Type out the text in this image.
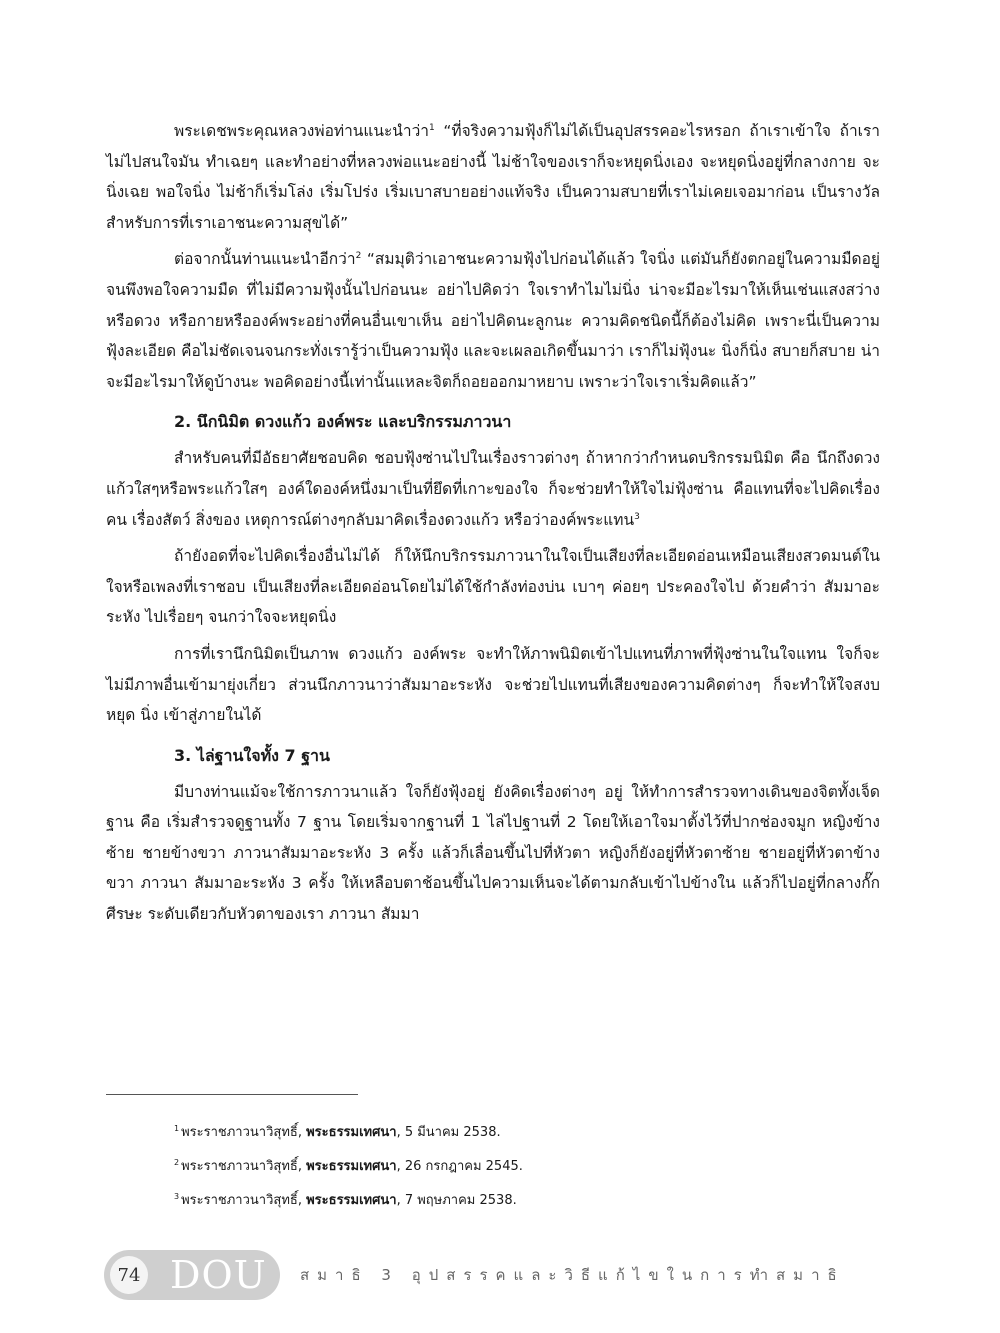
พระเดชพระคุณหลวงพ่อท่านแนะนำว่า$^1$ “ที่จริงความฟุ้งก็ไม่ได้เป็นอุปสรรคอะไรหรอก ถ้าเราเข้าใจ ถ้าเราไม่ไปสนใจมัน ทำเฉยๆ และทำอย่างที่หลวงพ่อแนะอย่างนี้ ไม่ช้าใจของเราก็จะหยุดนิ่งเอง จะหยุดนิ่งอยู่ที่กลางกาย จะนิ่งเฉย พอใจนิ่ง ไม่ช้าก็เริ่มโล่ง เริ่มโปร่ง เริ่มเบาสบายอย่างแท้จริง เป็นความสบายที่เราไม่เคยเจอมาก่อน เป็นรางวัลสำหรับการที่เราเอาชนะความสุขได้”

ต่อจากนั้นท่านแนะนำอีกว่า$^2$ “สมมุติว่าเอาชนะความฟุ้งไปก่อนได้แล้ว ใจนิ่ง แต่มันก็ยังตกอยู่ในความมืดอยู่ จนพึงพอใจความมืด ที่ไม่มีความฟุ้งนั้นไปก่อนนะ อย่าไปคิดว่า ใจเราทำไมไม่นิ่ง น่าจะมีอะไรมาให้เห็นเช่นแสงสว่างหรือดวง หรือกายหรือองค์พระอย่างที่คนอื่นเขาเห็น อย่าไปคิดนะลูกนะ ความคิดชนิดนี้ก็ต้องไม่คิด เพราะนี่เป็นความฟุ้งละเอียด คือไม่ชัดเจนจนกระทั่งเรารู้ว่าเป็นความฟุ้ง และจะเผลอเกิดขึ้นมาว่า เราก็ไม่ฟุ้งนะ นิ่งก็นิ่ง สบายก็สบาย น่าจะมีอะไรมาให้ดูบ้างนะ พอคิดอย่างนี้เท่านั้นแหละจิตก็ถอยออกมาหยาบ เพราะว่าใจเราเริ่มคิดแล้ว”

2. นึกนิมิต ดวงแก้ว องค์พระ และบริกรรมภาวนา

สำหรับคนที่มีอัธยาศัยชอบคิด ชอบฟุ้งซ่านไปในเรื่องราวต่างๆ ถ้าหากว่ากำหนดบริกรรมนิมิต คือ นึกถึงดวงแก้วใสๆหรือพระแก้วใสๆ องค์ใดองค์หนึ่งมาเป็นที่ยึดที่เกาะของใจ ก็จะช่วยทำให้ใจไม่ฟุ้งซ่าน คือแทนที่จะไปคิดเรื่องคน เรื่องสัตว์ สิ่งของ เหตุการณ์ต่างๆกลับมาคิดเรื่องดวงแก้ว หรือว่าองค์พระแทน$^3$

ถ้ายังอดที่จะไปคิดเรื่องอื่นไม่ได้ ก็ให้นึกบริกรรมภาวนาในใจเป็นเสียงที่ละเอียดอ่อนเหมือนเสียงสวดมนต์ในใจหรือเพลงที่เราชอบ เป็นเสียงที่ละเอียดอ่อนโดยไม่ได้ใช้กำลังท่องบ่น เบาๆ ค่อยๆ ประคองใจไป ด้วยคำว่า สัมมาอะระหัง ไปเรื่อยๆ จนกว่าใจจะหยุดนิ่ง

การที่เรานึกนิมิตเป็นภาพ ดวงแก้ว องค์พระ จะทำให้ภาพนิมิตเข้าไปแทนที่ภาพที่ฟุ้งซ่านในใจแทน ใจก็จะไม่มีภาพอื่นเข้ามายุ่งเกี่ยว ส่วนนึกภาวนาว่าสัมมาอะระหัง จะช่วยไปแทนที่เสียงของความคิดต่างๆ ก็จะทำให้ใจสงบ หยุด นิ่ง เข้าสู่ภายในได้

3. ไล่ฐานใจทั้ง 7 ฐาน

มีบางท่านแม้จะใช้การภาวนาแล้ว ใจก็ยังฟุ้งอยู่ ยังคิดเรื่องต่างๆ อยู่ ให้ทำการสำรวจทางเดินของจิตทั้งเจ็ดฐาน คือ เริ่มสำรวจดูฐานทั้ง 7 ฐาน โดยเริ่มจากฐานที่ 1 ไล่ไปฐานที่ 2 โดยให้เอาใจมาตั้งไว้ที่ปากช่องจมูก หญิงข้างซ้าย ชายข้างขวา ภาวนาสัมมาอะระหัง 3 ครั้ง แล้วก็เลื่อนขึ้นไปที่หัวตา หญิงก็ยังอยู่ที่หัวตาซ้าย ชายอยู่ที่หัวตาข้างขวา ภาวนา สัมมาอะระหัง 3 ครั้ง ให้เหลือบตาช้อนขึ้นไปความเห็นจะได้ตามกลับเข้าไปข้างใน แล้วก็ไปอยู่ที่กลางกั๊กศีรษะ ระดับเดียวกับหัวตาของเรา ภาวนา สัมมา

$^1$ พระราชภาวนาวิสุทธิ์, พระธรรมเทศนา, 5 มีนาคม 2538.
$^2$ พระราชภาวนาวิสุทธิ์, พระธรรมเทศนา, 26 กรกฎาคม 2545.
$^3$ พระราชภาวนาวิสุทธิ์, พระธรรมเทศนา, 7 พฤษภาคม 2538.
74 DOU สมาธิ 3 อุปสรรคและวิธีแก้ไขในการทำสมาธิ
